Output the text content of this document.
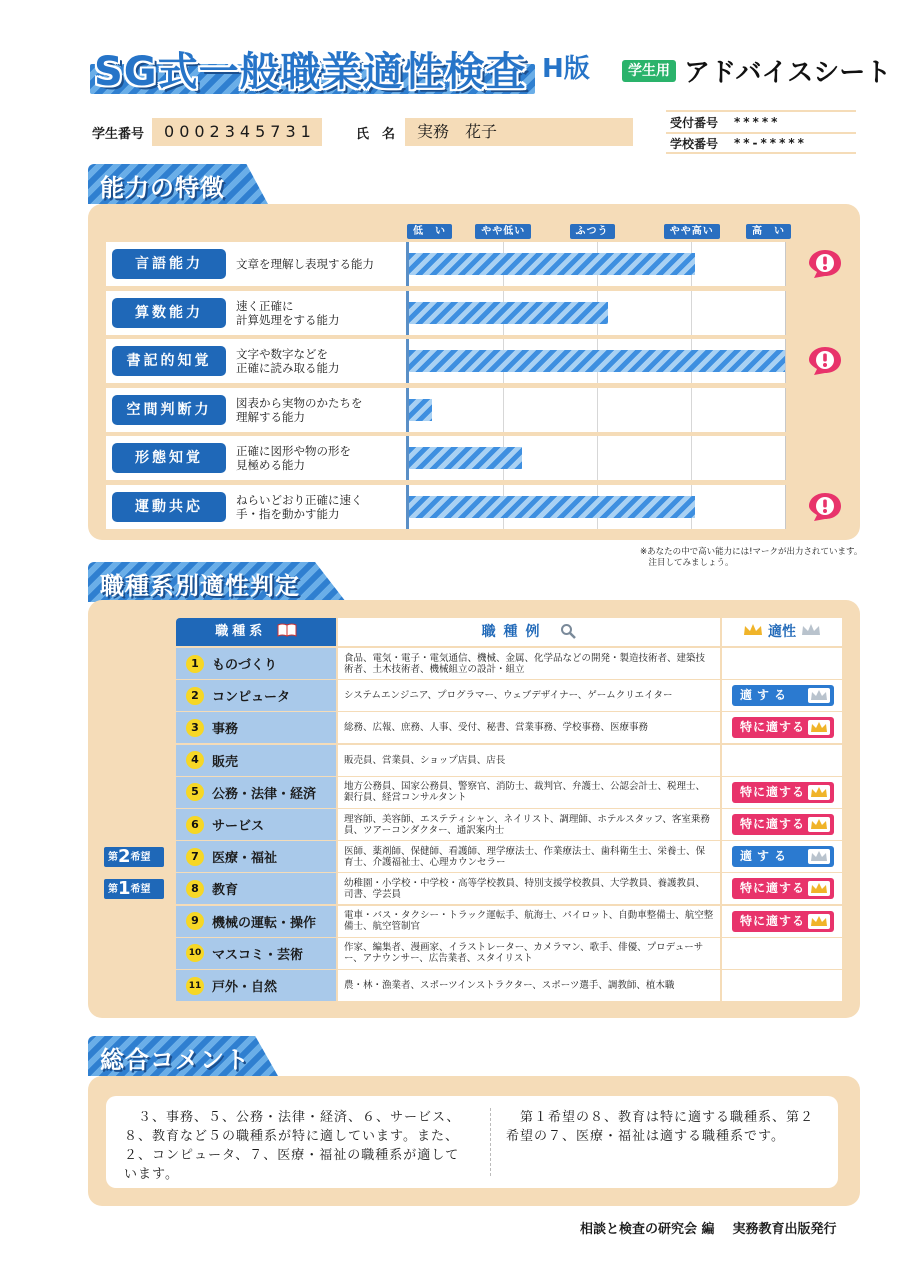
SG式一般職業適性検査 H版	学生用 アドバイスシート
学生番号	0002345731	氏　名	実務　花子	受付番号	*****
学校番号	**-*****
能力の特徴
低　い	やや低い	ふつう	やや高い	高　い
言語能力	文章を理解し表現する能力
算数能力	速く正確に
計算処理をする能力
書記的知覚	文字や数字などを
正確に読み取る能力
空間判断力	図表から実物のかたちを
理解する能力
形態知覚	正確に図形や物の形を
見極める能力
運動共応	ねらいどおり正確に速く
手・指を動かす能力
※あなたの中で高い能力には!マークが出力されています。
　注目してみましょう。
職種系別適性判定
職種系	職種例	適性
1	ものづくり	食品、電気・電子・電気通信、機械、金属、化学品などの開発・製造技術者、建築技術者、土木技術者、機械組立の設計・組立
2	コンピュータ	システムエンジニア、プログラマー、ウェブデザイナー、ゲームクリエイター	適する
3	事務	総務、広報、庶務、人事、受付、秘書、営業事務、学校事務、医療事務	特に適する
4	販売	販売員、営業員、ショップ店員、店長
5	公務・法律・経済	地方公務員、国家公務員、警察官、消防士、裁判官、弁護士、公認会計士、税理士、銀行員、経営コンサルタント	特に適する
6	サービス	理容師、美容師、エステティシャン、ネイリスト、調理師、ホテルスタッフ、客室乗務員、ツアーコンダクター、通訳案内士	特に適する
7	医療・福祉	医師、薬剤師、保健師、看護師、理学療法士、作業療法士、歯科衛生士、栄養士、保育士、介護福祉士、心理カウンセラー	適する
8	教育	幼稚園・小学校・中学校・高等学校教員、特別支援学校教員、大学教員、養護教員、司書、学芸員	特に適する
9	機械の運転・操作	電車・バス・タクシー・トラック運転手、航海士、パイロット、自動車整備士、航空整備士、航空管制官	特に適する
10 マスコミ・芸術	作家、編集者、漫画家、イラストレーター、カメラマン、歌手、俳優、プロデューサー、アナウンサー、広告業者、スタイリスト
11 戸外・自然	農・林・漁業者、スポーツインストラクター、スポーツ選手、調教師、植木職
第2希望
第1希望
総合コメント
　３、事務、５、公務・法律・経済、６、サービス、８、教育など５の職種系が特に適しています。また、２、コンピュータ、７、医療・福祉の職種系が適しています。
　第１希望の８、教育は特に適する職種系、第２希望の７、医療・福祉は適する職種系です。
相談と検査の研究会 編 実務教育出版発行
